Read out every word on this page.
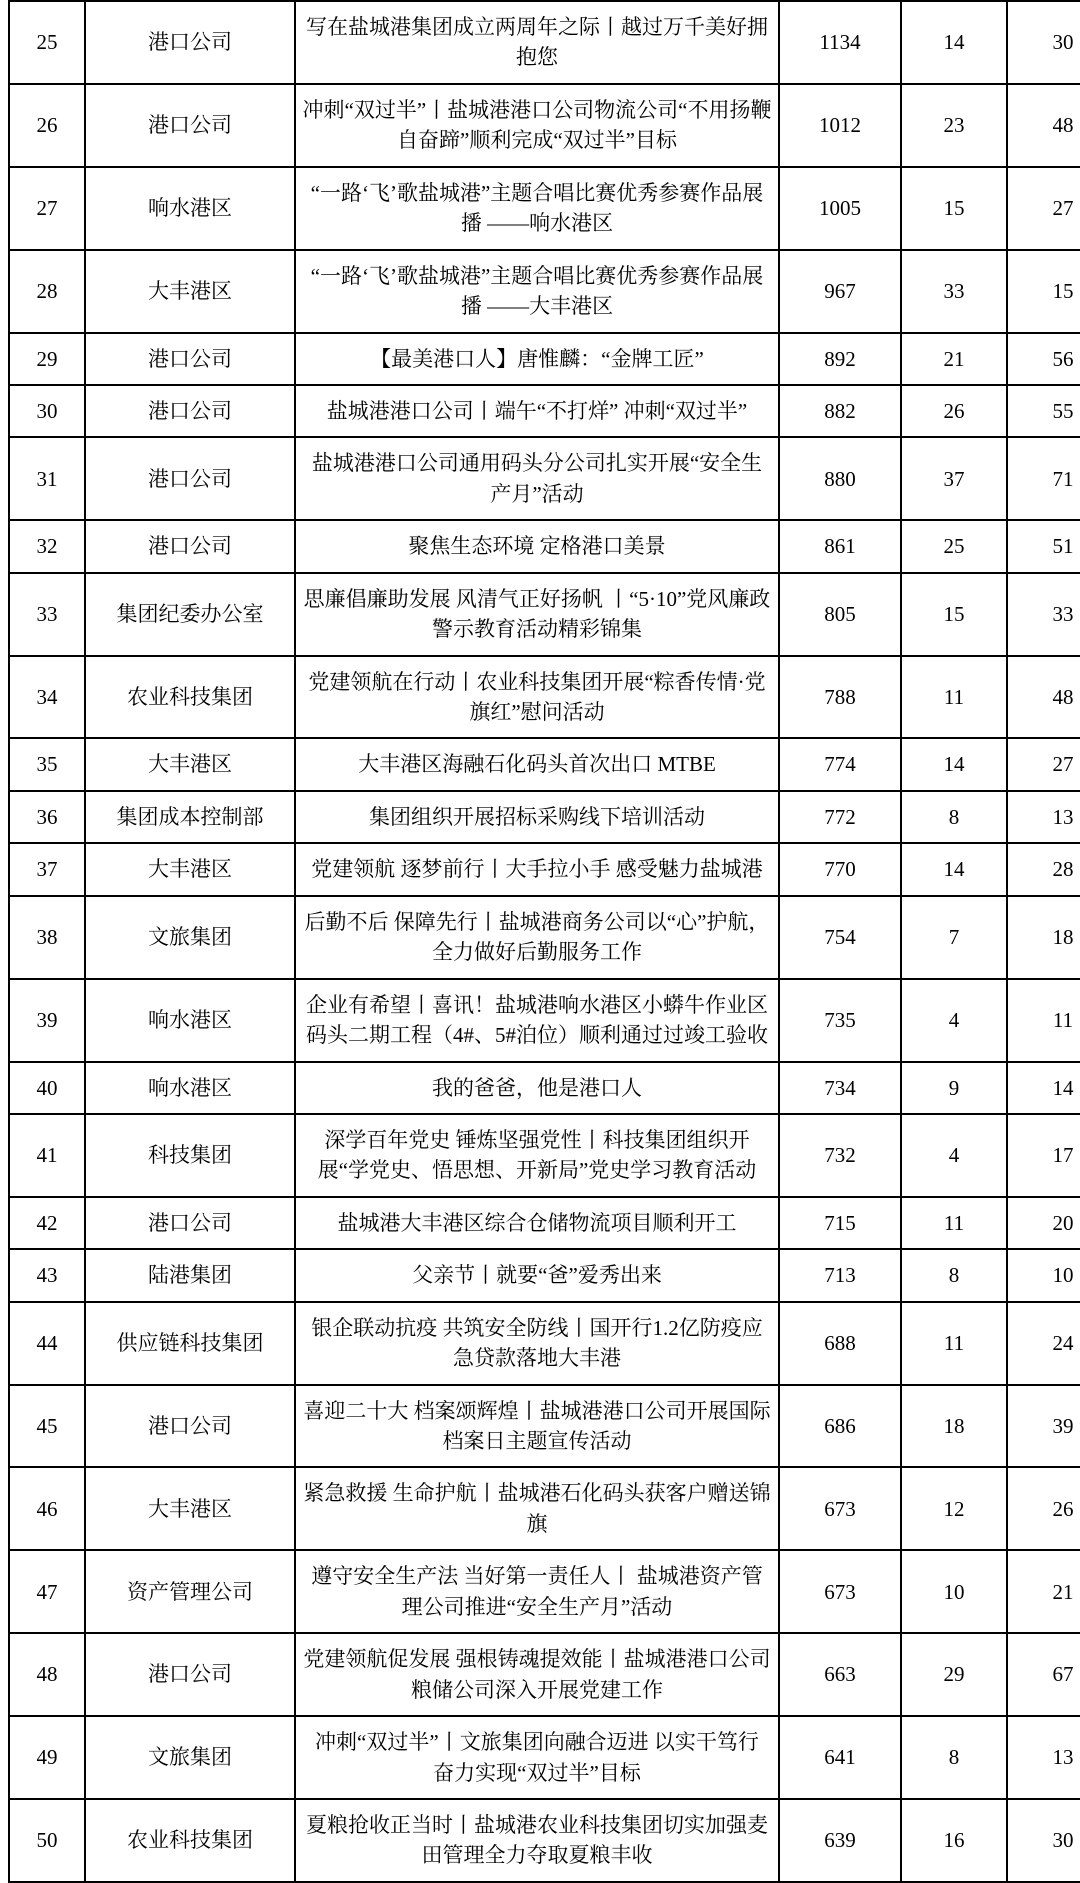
25	港口公司	写在盐城港集团成立两周年之际丨越过万千美好拥抱您	1134	14	30
26	港口公司	冲刺“双过半”丨盐城港港口公司物流公司“不用扬鞭自奋蹄”顺利完成“双过半”目标	1012	23	48
27	响水港区	“一路‘飞’歌盐城港”主题合唱比赛优秀参赛作品展播 ——响水港区	1005	15	27
28	大丰港区	“一路‘飞’歌盐城港”主题合唱比赛优秀参赛作品展播 ——大丰港区	967	33	15
29	港口公司	【最美港口人】唐惟麟：“金牌工匠”	892	21	56
30	港口公司	盐城港港口公司丨端午“不打烊” 冲刺“双过半”	882	26	55
31	港口公司	盐城港港口公司通用码头分公司扎实开展“安全生产月”活动	880	37	71
32	港口公司	聚焦生态环境 定格港口美景	861	25	51
33	集团纪委办公室	思廉倡廉助发展 风清气正好扬帆 丨“5·10”党风廉政警示教育活动精彩锦集	805	15	33
34	农业科技集团	党建领航在行动丨农业科技集团开展“粽香传情·党旗红”慰问活动	788	11	48
35	大丰港区	大丰港区海融石化码头首次出口 MTBE	774	14	27
36	集团成本控制部	集团组织开展招标采购线下培训活动	772	8	13
37	大丰港区	党建领航 逐梦前行丨大手拉小手 感受魅力盐城港	770	14	28
38	文旅集团	后勤不后 保障先行丨盐城港商务公司以“心”护航，全力做好后勤服务工作	754	7	18
39	响水港区	企业有希望丨喜讯！盐城港响水港区小蟒牛作业区码头二期工程（4#、5#泊位）顺利通过过竣工验收	735	4	11
40	响水港区	我的爸爸，他是港口人	734	9	14
41	科技集团	深学百年党史 锤炼坚强党性丨科技集团组织开展“学党史、悟思想、开新局”党史学习教育活动	732	4	17
42	港口公司	盐城港大丰港区综合仓储物流项目顺利开工	715	11	20
43	陆港集团	父亲节丨就要“爸”爱秀出来	713	8	10
44	供应链科技集团	银企联动抗疫 共筑安全防线丨国开行1.2亿防疫应急贷款落地大丰港	688	11	24
45	港口公司	喜迎二十大 档案颂辉煌丨盐城港港口公司开展国际档案日主题宣传活动	686	18	39
46	大丰港区	紧急救援 生命护航丨盐城港石化码头获客户赠送锦旗	673	12	26
47	资产管理公司	遵守安全生产法 当好第一责任人丨 盐城港资产管理公司推进“安全生产月”活动	673	10	21
48	港口公司	党建领航促发展 强根铸魂提效能丨盐城港港口公司粮储公司深入开展党建工作	663	29	67
49	文旅集团	冲刺“双过半”丨文旅集团向融合迈进 以实干笃行 奋力实现“双过半”目标	641	8	13
50	农业科技集团	夏粮抢收正当时丨盐城港农业科技集团切实加强麦田管理全力夺取夏粮丰收	639	16	30
